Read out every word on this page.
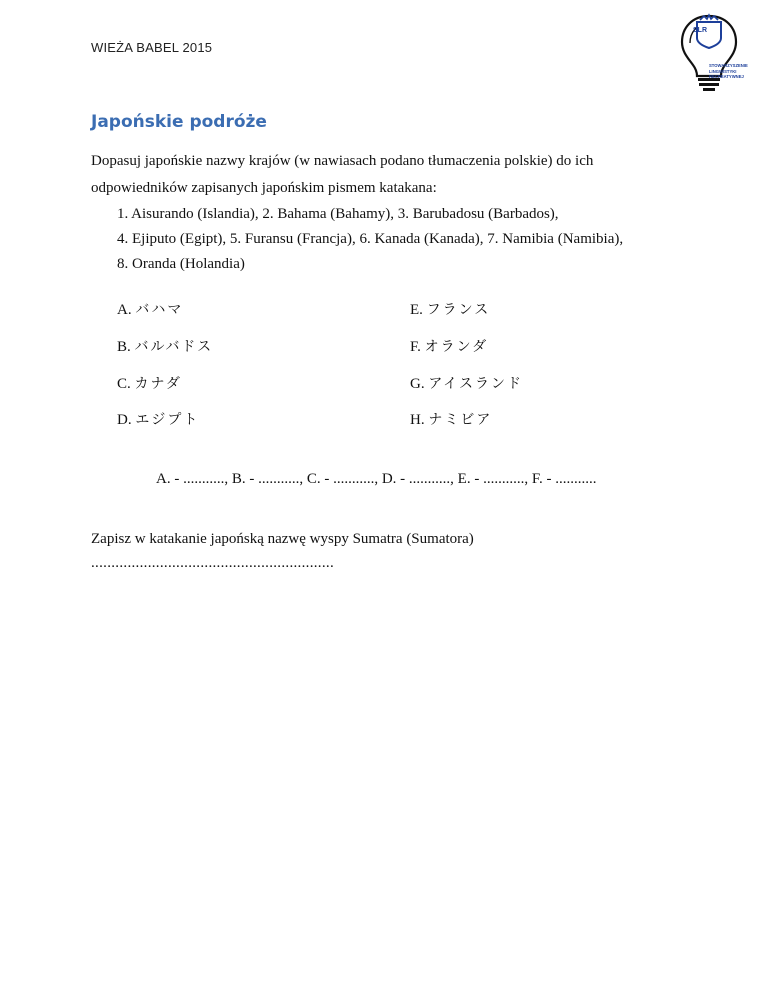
WIEŻA BABEL 2015
SLR
STOWARZYSZENIE
LINGWISTYKI
RECREATYWNEJ
Japońskie podróże
Dopasuj japońskie nazwy krajów (w nawiasach podano tłumaczenia polskie) do ich
odpowiedników zapisanych japońskim pismem katakana:
1. Aisurando (Islandia), 2. Bahama (Bahamy), 3. Barubadosu (Barbados),
4. Ejiputo (Egipt), 5. Furansu (Francja), 6. Kanada (Kanada), 7. Namibia (Namibia),
8. Oranda (Holandia)
A. バハマ
B. バルバドス
C. カナダ
D. エジプト
E. フランス
F. オランダ
G. アイスランド
H. ナミビア
A. - ..........., B. - ..........., C. - ..........., D. - ..........., E. - ..........., F. - ...........
Zapisz w katakanie japońską nazwę wyspy Sumatra (Sumatora)
............................................................
